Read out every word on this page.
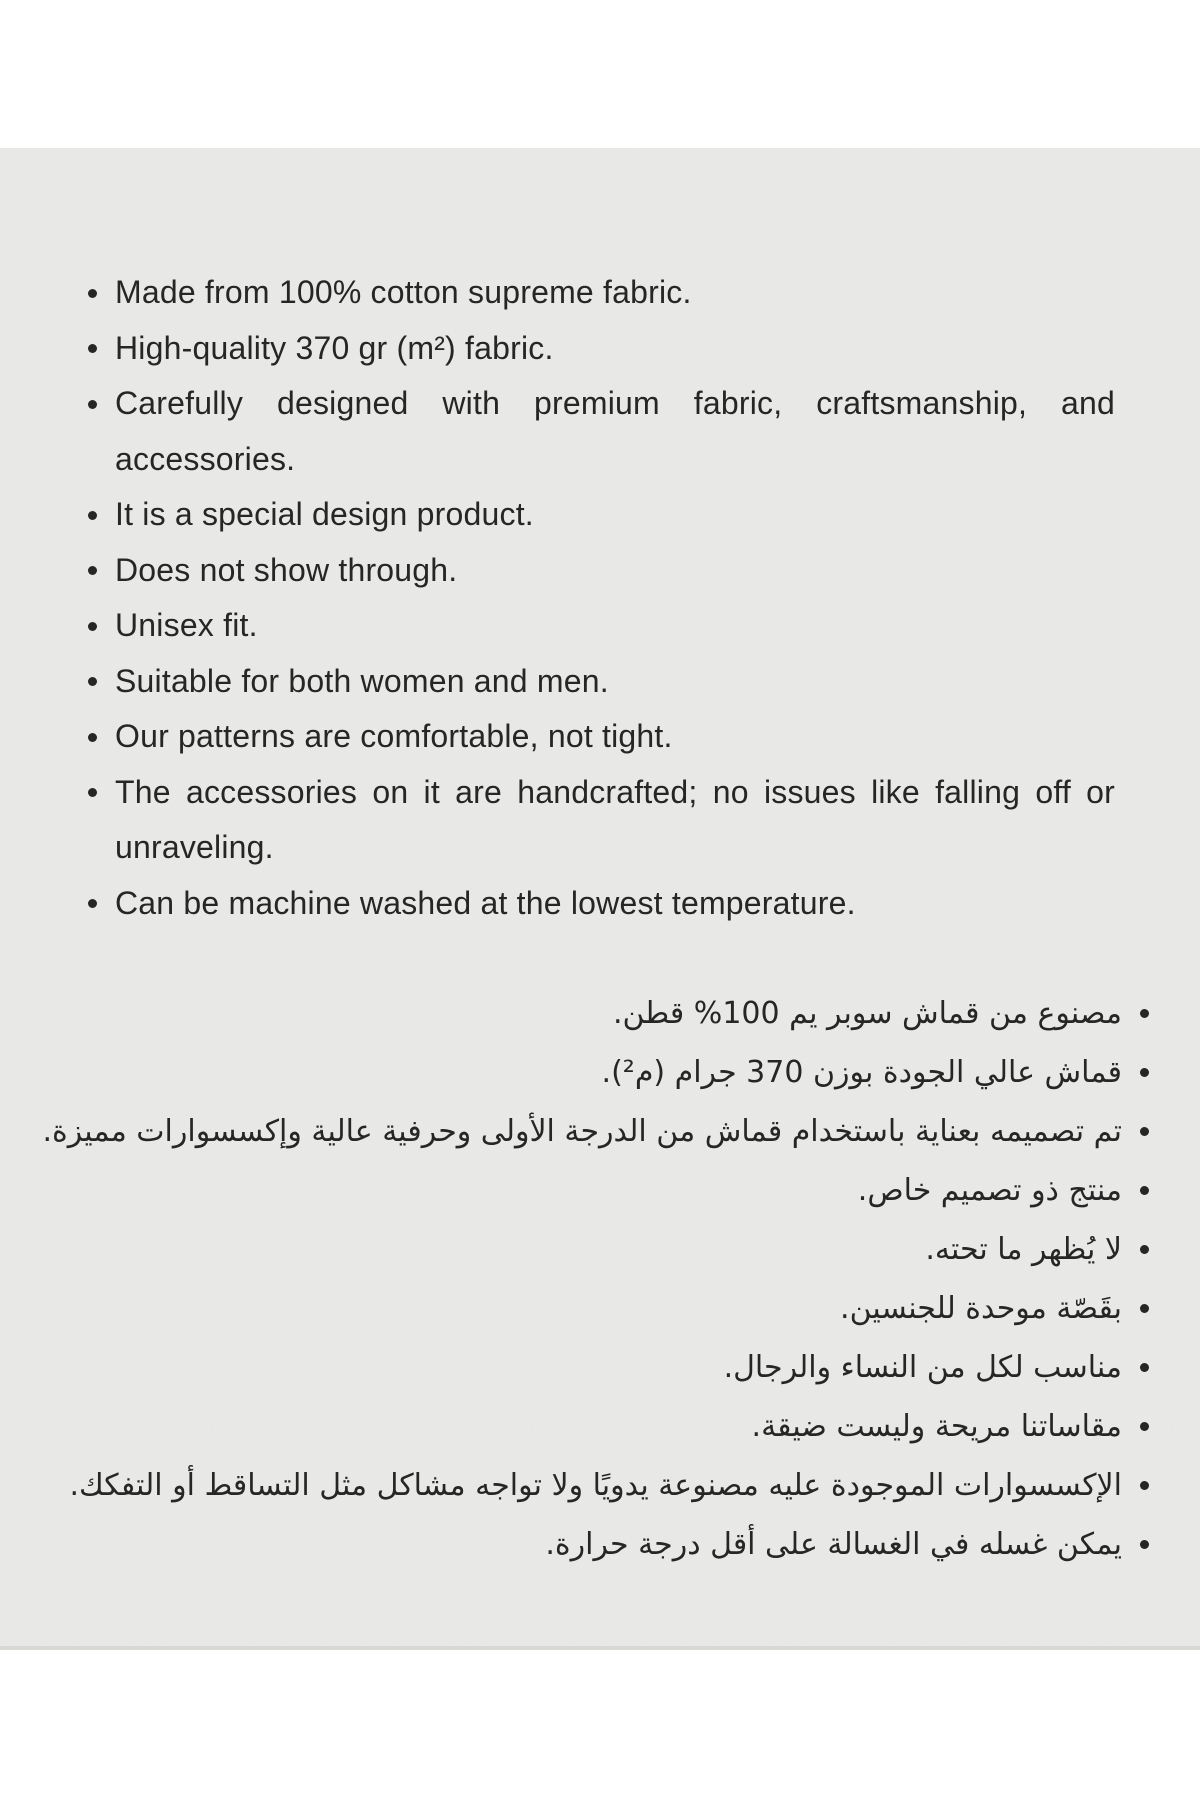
Made from 100% cotton supreme fabric.
High-quality 370 gr (m²) fabric.
Carefully designed with premium fabric, craftsmanship, and accessories.
It is a special design product.
Does not show through.
Unisex fit.
Suitable for both women and men.
Our patterns are comfortable, not tight.
The accessories on it are handcrafted; no issues like falling off or unraveling.
Can be machine washed at the lowest temperature.
مصنوع من قماش سوبر يم 100% قطن.
قماش عالي الجودة بوزن 370 جرام (م²).
تم تصميمه بعناية باستخدام قماش من الدرجة الأولى وحرفية عالية وإكسسوارات مميزة.
منتج ذو تصميم خاص.
لا يُظهر ما تحته.
بقَصّة موحدة للجنسين.
مناسب لكل من النساء والرجال.
مقاساتنا مريحة وليست ضيقة.
الإكسسوارات الموجودة عليه مصنوعة يدويًا ولا تواجه مشاكل مثل التساقط أو التفكك.
يمكن غسله في الغسالة على أقل درجة حرارة.
